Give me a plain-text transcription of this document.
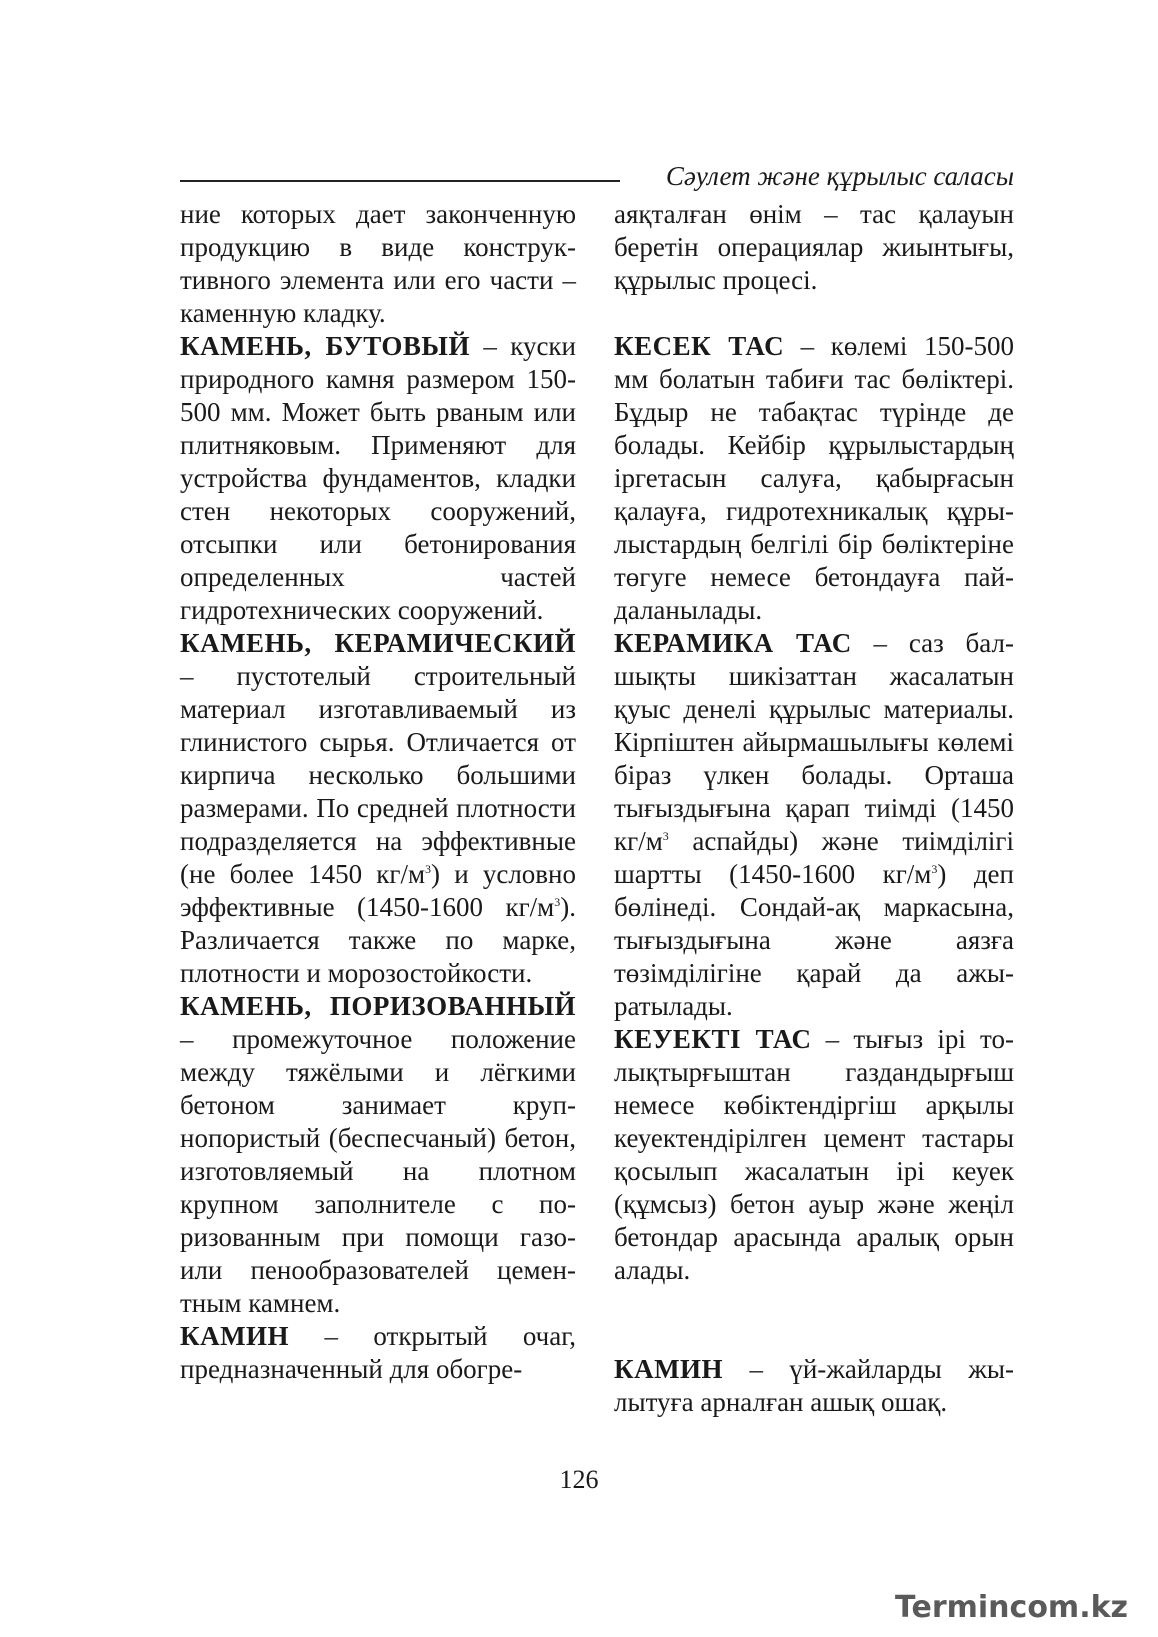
Сәулет және құрылыс саласы

ние которых дает законченную продукцию в виде конструктивного элемента или его части – каменную кладку.

КАМЕНЬ, БУТОВЫЙ – куски природного камня размером 150-500 мм. Может быть рваным или плитняковым. Применяют для устройства фундаментов, кладки стен некоторых сооружений, отсыпки или бетонирования определенных частей гидротехнических сооружений.

КАМЕНЬ, КЕРАМИЧЕСКИЙ – пустотелый строительный материал изготавливаемый из глинистого сырья. Отличается от кирпича несколько большими размерами. По средней плотности подразделяется на эффективные (не более 1450 $кг/м^3$) и условно эффективные (1450-1600 $кг/м^3$). Различается также по марке, плотности и морозостойкости.

КАМЕНЬ, ПОРИЗОВАННЫЙ – промежуточное положение между тяжёлыми и лёгкими бетоном занимает крупнопористый (беспесчаный) бетон, изготовляемый на плотном крупном заполнителе с поризованным при помощи газо- или пенообразователей цементным камнем.

КАМИН – открытый очаг, предназначенный для обогре-

аяқталған өнім – тас қалауын беретін операциялар жиынтығы, құрылыс процесі.

КЕСЕК ТАС – көлемі 150-500 мм болатын табиғи тас бөліктері. Бұдыр не табақтас түрінде де болады. Кейбір құрылыстардың іргетасын салуға, қабырғасын қалауға, гидротехникалық құрылыстардың белгілі бір бөліктеріне төгуге немесе бетондауға пайдаланылады.

КЕРАМИКА ТАС – саз балшықты шикізаттан жасалатын қуыс денелі құрылыс материалы. Кірпіштен айырмашылығы көлемі біраз үлкен болады. Орташа тығыздығына қарап тиімді (1450 $кг/м^3$ аспайды) және тиімділігі шартты (1450-1600 $кг/м^3$) деп бөлінеді. Сондай-ақ маркасына, тығыздығына және аязға төзімділігіне қарай да ажыратылады.

КЕУЕКТІ ТАС – тығыз ірі толықтырғыштан газдандырғыш немесе көбіктендіргіш арқылы кеуектендірілген цемент тастары қосылып жасалатын ірі кеуек (құмсыз) бетон ауыр және жеңіл бетондар арасында аралық орын алады.

КАМИН – үй-жайларды жылытуға арналған ашық ошақ.

126
Termincom.kz
